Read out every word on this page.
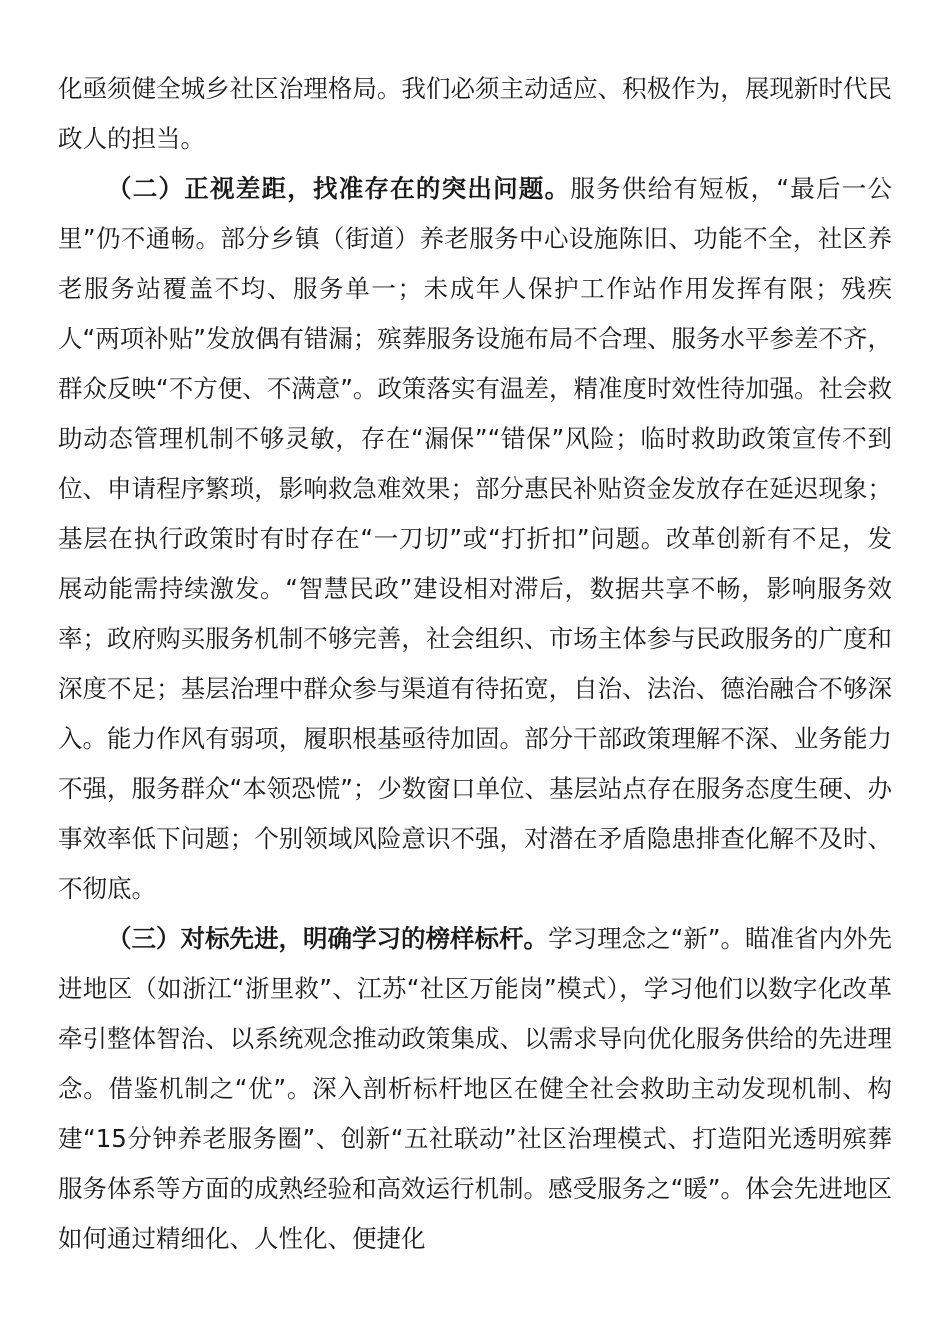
化亟须健全城乡社区治理格局。我们必须主动适应、积极作为，展现新时代民政人的担当。

（二）正视差距，找准存在的突出问题。服务供给有短板，“最后一公里”仍不通畅。部分乡镇（街道）养老服务中心设施陈旧、功能不全，社区养老服务站覆盖不均、服务单一；未成年人保护工作站作用发挥有限；残疾人“两项补贴”发放偶有错漏；殡葬服务设施布局不合理、服务水平参差不齐，群众反映“不方便、不满意”。政策落实有温差，精准度时效性待加强。社会救助动态管理机制不够灵敏，存在“漏保”“错保”风险；临时救助政策宣传不到位、申请程序繁琐，影响救急难效果；部分惠民补贴资金发放存在延迟现象；基层在执行政策时有时存在“一刀切”或“打折扣”问题。改革创新有不足，发展动能需持续激发。“智慧民政”建设相对滞后，数据共享不畅，影响服务效率；政府购买服务机制不够完善，社会组织、市场主体参与民政服务的广度和深度不足；基层治理中群众参与渠道有待拓宽，自治、法治、德治融合不够深入。能力作风有弱项，履职根基亟待加固。部分干部政策理解不深、业务能力不强，服务群众“本领恐慌”；少数窗口单位、基层站点存在服务态度生硬、办事效率低下问题；个别领域风险意识不强，对潜在矛盾隐患排查化解不及时、不彻底。

（三）对标先进，明确学习的榜样标杆。学习理念之“新”。瞄准省内外先进地区（如浙江“浙里救”、江苏“社区万能岗”模式），学习他们以数字化改革牵引整体智治、以系统观念推动政策集成、以需求导向优化服务供给的先进理念。借鉴机制之“优”。深入剖析标杆地区在健全社会救助主动发现机制、构建“15分钟养老服务圈”、创新“五社联动”社区治理模式、打造阳光透明殡葬服务体系等方面的成熟经验和高效运行机制。感受服务之“暖”。体会先进地区如何通过精细化、人性化、便捷化
